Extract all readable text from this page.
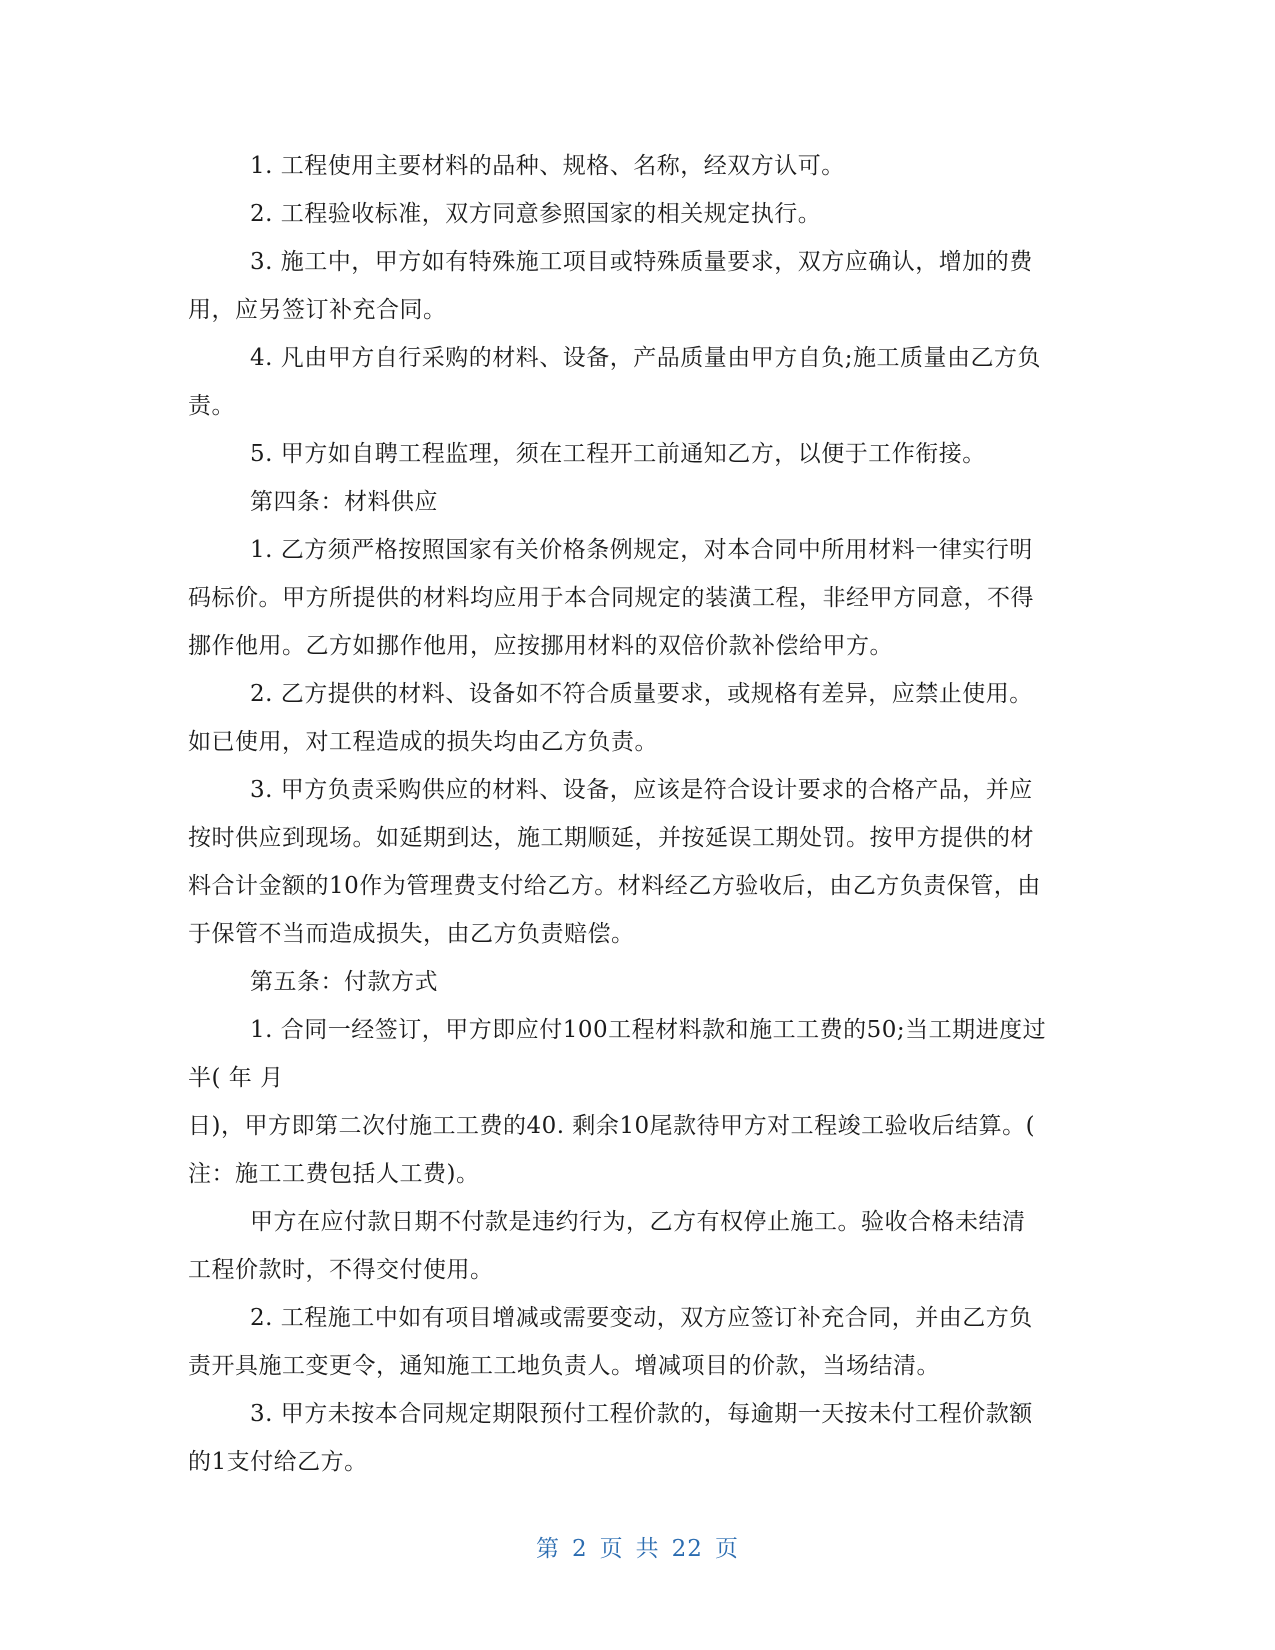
1. 工程使用主要材料的品种、规格、名称，经双方认可。
2. 工程验收标准，双方同意参照国家的相关规定执行。
3. 施工中，甲方如有特殊施工项目或特殊质量要求，双方应确认，增加的费
用，应另签订补充合同。
4. 凡由甲方自行采购的材料、设备，产品质量由甲方自负;施工质量由乙方负
责。
5. 甲方如自聘工程监理，须在工程开工前通知乙方，以便于工作衔接。
第四条：材料供应
1. 乙方须严格按照国家有关价格条例规定，对本合同中所用材料一律实行明
码标价。甲方所提供的材料均应用于本合同规定的装潢工程，非经甲方同意，不得
挪作他用。乙方如挪作他用，应按挪用材料的双倍价款补偿给甲方。
2. 乙方提供的材料、设备如不符合质量要求，或规格有差异，应禁止使用。
如已使用，对工程造成的损失均由乙方负责。
3. 甲方负责采购供应的材料、设备，应该是符合设计要求的合格产品，并应
按时供应到现场。如延期到达，施工期顺延，并按延误工期处罚。按甲方提供的材
料合计金额的10作为管理费支付给乙方。材料经乙方验收后，由乙方负责保管，由
于保管不当而造成损失，由乙方负责赔偿。
第五条：付款方式
1. 合同一经签订，甲方即应付100工程材料款和施工工费的50;当工期进度过
半( 年 月
日)，甲方即第二次付施工工费的40. 剩余10尾款待甲方对工程竣工验收后结算。(
注：施工工费包括人工费)。
甲方在应付款日期不付款是违约行为，乙方有权停止施工。验收合格未结清
工程价款时，不得交付使用。
2. 工程施工中如有项目增减或需要变动，双方应签订补充合同，并由乙方负
责开具施工变更令，通知施工工地负责人。增减项目的价款，当场结清。
3. 甲方未按本合同规定期限预付工程价款的，每逾期一天按未付工程价款额
的1支付给乙方。
第 2 页 共 22 页
